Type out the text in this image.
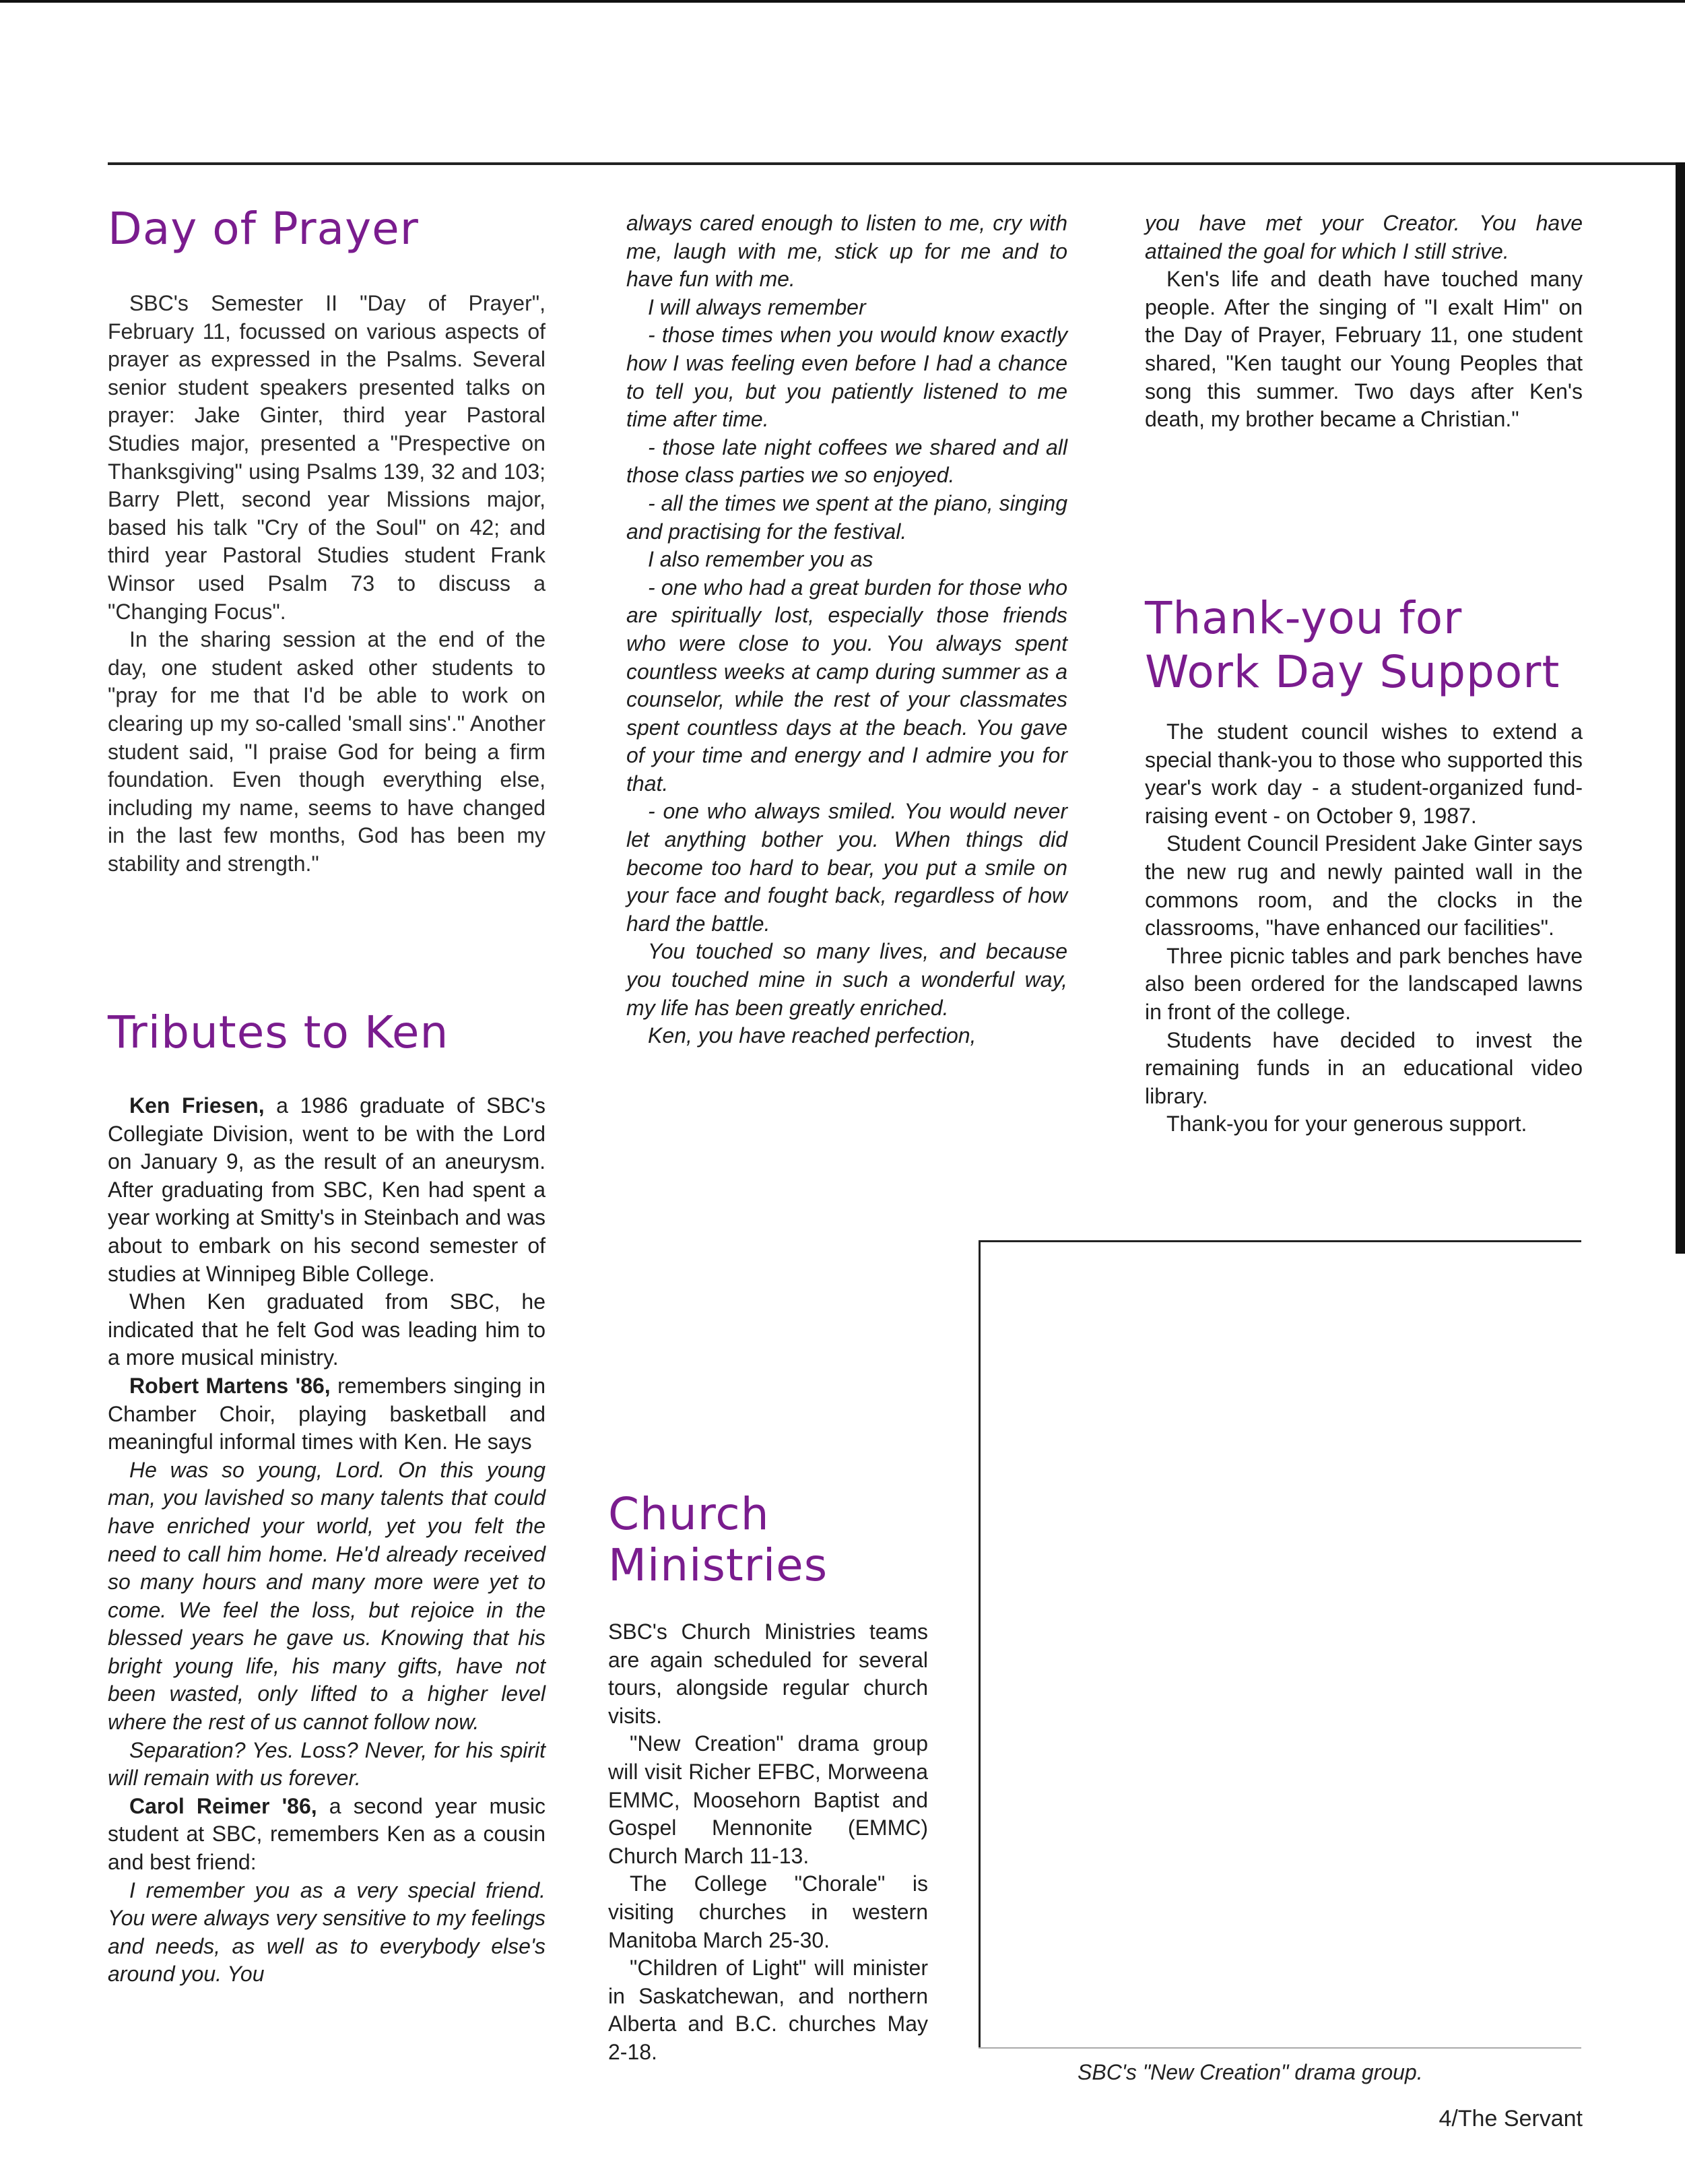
Day of Prayer

SBC's Semester II "Day of Prayer", February 11, focussed on various aspects of prayer as expressed in the Psalms. Several senior student speakers presented talks on prayer: Jake Ginter, third year Pastoral Studies major, presented a "Prespective on Thanksgiving" using Psalms 139, 32 and 103; Barry Plett, second year Missions major, based his talk "Cry of the Soul" on 42; and third year Pastoral Studies student Frank Winsor used Psalm 73 to discuss a "Changing Focus".

In the sharing session at the end of the day, one student asked other students to "pray for me that I'd be able to work on clearing up my so-called 'small sins'." Another student said, "I praise God for being a firm foundation. Even though everything else, including my name, seems to have changed in the last few months, God has been my stability and strength."

Tributes to Ken

Ken Friesen, a 1986 graduate of SBC's Collegiate Division, went to be with the Lord on January 9, as the result of an aneurysm. After graduating from SBC, Ken had spent a year working at Smitty's in Steinbach and was about to embark on his second semester of studies at Winnipeg Bible College.

When Ken graduated from SBC, he indicated that he felt God was leading him to a more musical ministry.

Robert Martens '86, remembers singing in Chamber Choir, playing basketball and meaningful informal times with Ken. He says

He was so young, Lord. On this young man, you lavished so many talents that could have enriched your world, yet you felt the need to call him home. He'd already received so many hours and many more were yet to come. We feel the loss, but rejoice in the blessed years he gave us. Knowing that his bright young life, his many gifts, have not been wasted, only lifted to a higher level where the rest of us cannot follow now.

Separation? Yes. Loss? Never, for his spirit will remain with us forever.

Carol Reimer '86, a second year music student at SBC, remembers Ken as a cousin and best friend:

I remember you as a very special friend. You were always very sensitive to my feelings and needs, as well as to everybody else's around you. You

always cared enough to listen to me, cry with me, laugh with me, stick up for me and to have fun with me.

I will always remember

- those times when you would know exactly how I was feeling even before I had a chance to tell you, but you patiently listened to me time after time.

- those late night coffees we shared and all those class parties we so enjoyed.

- all the times we spent at the piano, singing and practising for the festival.

I also remember you as

- one who had a great burden for those who are spiritually lost, especially those friends who were close to you. You always spent countless weeks at camp during summer as a counselor, while the rest of your classmates spent countless days at the beach. You gave of your time and energy and I admire you for that.

- one who always smiled. You would never let anything bother you. When things did become too hard to bear, you put a smile on your face and fought back, regardless of how hard the battle.

You touched so many lives, and because you touched mine in such a wonderful way, my life has been greatly enriched.

Ken, you have reached perfection,

you have met your Creator. You have attained the goal for which I still strive.

Ken's life and death have touched many people. After the singing of "I exalt Him" on the Day of Prayer, February 11, one student shared, "Ken taught our Young Peoples that song this summer. Two days after Ken's death, my brother became a Christian."

Thank-you for
Work Day Support

The student council wishes to extend a special thank-you to those who supported this year's work day - a student-organized fund-raising event - on October 9, 1987.

Student Council President Jake Ginter says the new rug and newly painted wall in the commons room, and the clocks in the classrooms, "have enhanced our facilities".

Three picnic tables and park benches have also been ordered for the landscaped lawns in front of the college.

Students have decided to invest the remaining funds in an educational video library.

Thank-you for your generous support.

Church
Ministries

SBC's Church Ministries teams are again scheduled for several tours, alongside regular church visits.

"New Creation" drama group will visit Richer EFBC, Morweena EMMC, Moosehorn Baptist and Gospel Mennonite (EMMC) Church March 11-13.

The College "Chorale" is visiting churches in western Manitoba March 25-30.

"Children of Light" will minister in Saskatchewan, and northern Alberta and B.C. churches May 2-18.

SBC's "New Creation" drama group.

4/The Servant
